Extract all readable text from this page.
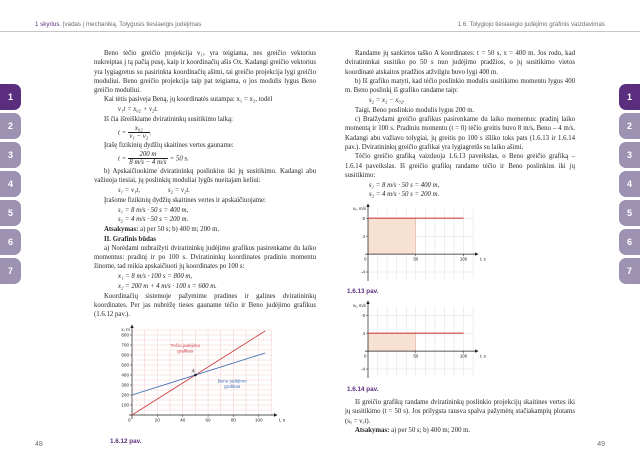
1 skyrius. Įvadas į mechaniką. Tolygusis tiesiaeigis judėjimas	1.6. Tolygiojo tiesiaeigio judėjimo grafinis vaizdavimas
1
2
3
4
5
6
7
1
2
3
4
5
6
7

Beno tėčio greičio projekcija v₁ₓ yra teigiama, nes greičio vektorius nukreiptas į tą pačią pusę, kaip ir koordinačių ašis Ox. Kadangi greičio vektorius yra lygiagretus su pasirinkta koordinačių ašimi, tai greičio projekcija lygi greičio moduliui. Beno greičio projekcija taip pat teigiama, o jos modulis lygus Beno greičio moduliui.

Kai tėtis pasiveja Beną, jų koordinatės sutampa: x₁ = x₂, todėl

v₁t = x₀₂ + v₂t.

Iš čia išreiškiame dviratininkų susitikimo laiką:

$t = \frac{\text{x₀₂}}{\text{v₁ − v₂}}$ .

Įrašę fizikinių dydžių skaitines vertes gauname:

$t = \frac{200 m}{8 m/s - 4 m/s} = 50$ s.

b) Apskaičiuokime dviratininkų poslinkius iki jų susitikimo. Kadangi abu važiuoja tiesiai, jų poslinkių moduliai lygūs nueitajam keliui:

s₁ = v₁t,	s₂ = v₂t.

Įrašome fizikinių dydžių skaitines vertes ir apskaičiuojame:

s₁ = 8 m/s · 50 s = 400 m,
s₂ = 4 m/s · 50 s = 200 m.

Atsakymas: a) per 50 s; b) 400 m; 200 m.

II. Grafinis būdas

a) Norėdami nubraižyti dviratininkų judėjimo grafikus pasirenkame du laiko momentus: pradinį ir po 100 s. Dviratininkų koordinates pradiniu momentu žinome, tad reikia apskaičiuoti jų koordinates po 100 s:

x₁ = 8 m/s · 100 s = 800 m,
x₂ = 200 m + 4 m/s · 100 s = 600 m.

Koordinačių sistemoje pažymime pradines ir galines dviratininkų koordinates. Per jas nubrėžę tieses gauname tėčio ir Beno judėjimo grafikus (1.6.12 pav.).

0	20	40	60	80	100
100
200
300
400
500
600
700
800
t, s
x, m
Tėčio judėjimo grafikas
Beno judėjimo grafikas
A
1.6.12 pav.

Randame jų sankirtos taško A koordinates: t = 50 s, x = 400 m. Jos rodo, kad dviratininkai susitiko po 50 s nuo judėjimo pradžios, o jų susitikimo vietos koordinatė atskaitos pradžios atžvilgiu buvo lygi 400 m.

b) Iš grafiko matyti, kad tėčio poslinkio modulis susitikimo momentu lygus 400 m. Beno poslinkį iš grafiko randame taip:

s₂ = x₂ − x₀₂.

Taigi, Beno poslinkio modulis lygus 200 m.

c) Braižydami greičio grafikus pasirenkame du laiko momentus: pradinį laiko momentą ir 100 s. Pradiniu momentu (t = 0) tėčio greitis buvo 8 m/s, Beno – 4 m/s. Kadangi abu važiavo tolygiai, jų greitis po 100 s išliko toks pats (1.6.13 ir 1.6.14 pav.). Dviratininkų greičio grafikai yra lygiagretūs su laiko ašimi.

Tėčio greičio grafiką vaizduoja 1.6.13 paveikslas, o Beno greičio grafiką – 1.6.14 paveikslas. Iš greičio grafikų randame tėčio ir Beno poslinkius iki jų susitikimo:

s₁ = 8 m/s · 50 s = 400 m,
s₂ = 4 m/s · 50 s = 200 m.
0	50	100
-4
4
8
t, s
vₓ, m/s
1.6.13 pav.
0	50	100
-4
4
8
t, s
vₓ, m/s
1.6.14 pav.

Iš greičio grafikų randame dviratininkų poslinkio projekcijų skaitines vertes iki jų susitikimo (t = 50 s). Jos prilygsta rausva spalva pažymėtų stačiakampių plotams (sₓ = vₓt).

Atsakymas: a) per 50 s; b) 400 m; 200 m.

48	49
